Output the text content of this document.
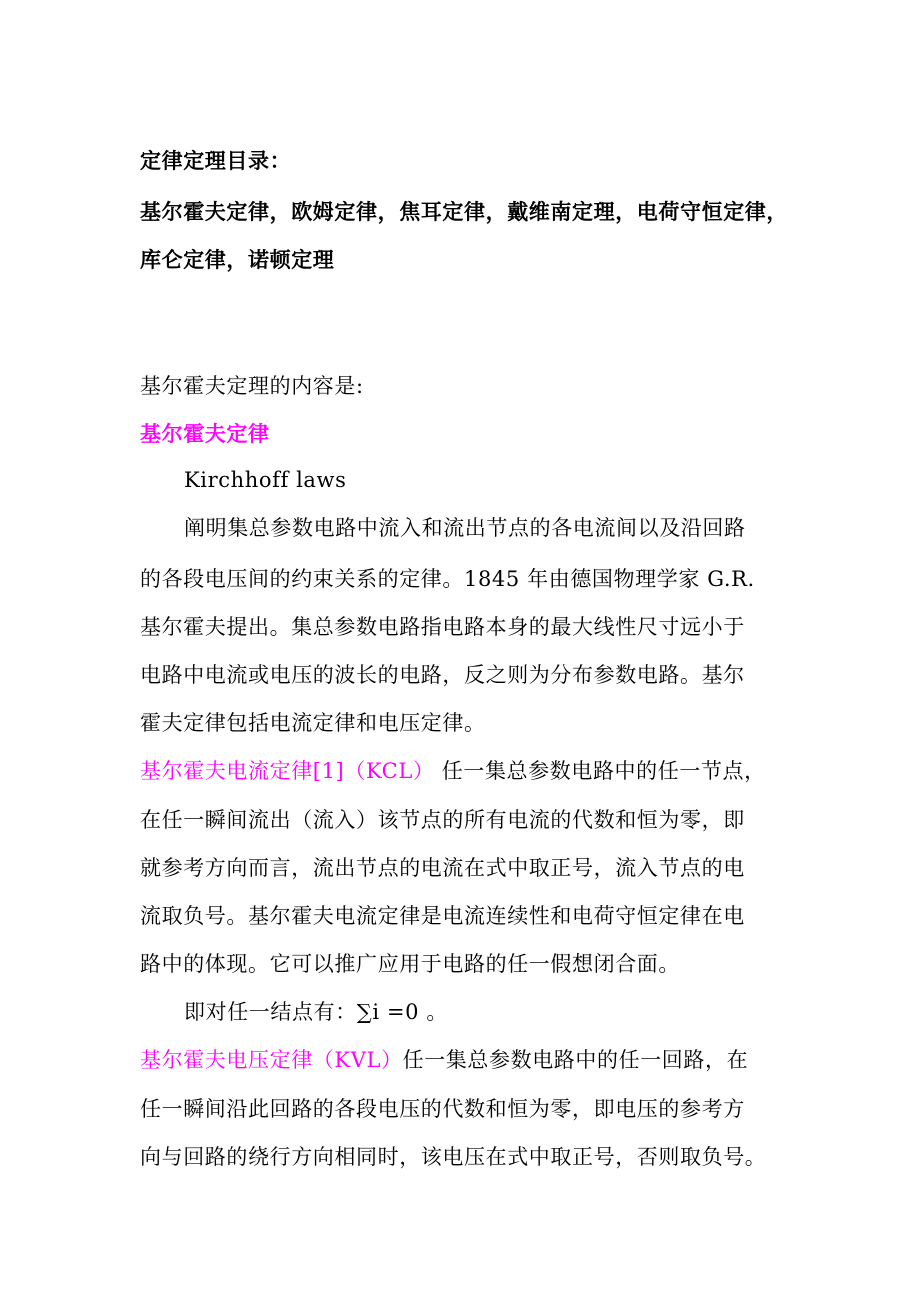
定律定理目录：
基尔霍夫定律，欧姆定律，焦耳定律，戴维南定理，电荷守恒定律，
库仑定律，诺顿定理
基尔霍夫定理的内容是:
基尔霍夫定律
Kirchhoff laws
阐明集总参数电路中流入和流出节点的各电流间以及沿回路
的各段电压间的约束关系的定律。1845 年由德国物理学家 G.R.
基尔霍夫提出。集总参数电路指电路本身的最大线性尺寸远小于
电路中电流或电压的波长的电路，反之则为分布参数电路。基尔
霍夫定律包括电流定律和电压定律。
基尔霍夫电流定律[1]（KCL） 任一集总参数电路中的任一节点，
在任一瞬间流出（流入）该节点的所有电流的代数和恒为零，即
就参考方向而言，流出节点的电流在式中取正号，流入节点的电
流取负号。基尔霍夫电流定律是电流连续性和电荷守恒定律在电
路中的体现。它可以推广应用于电路的任一假想闭合面。
即对任一结点有：∑i =0 。
基尔霍夫电压定律（KVL）任一集总参数电路中的任一回路，在
任一瞬间沿此回路的各段电压的代数和恒为零，即电压的参考方
向与回路的绕行方向相同时，该电压在式中取正号，否则取负号。
